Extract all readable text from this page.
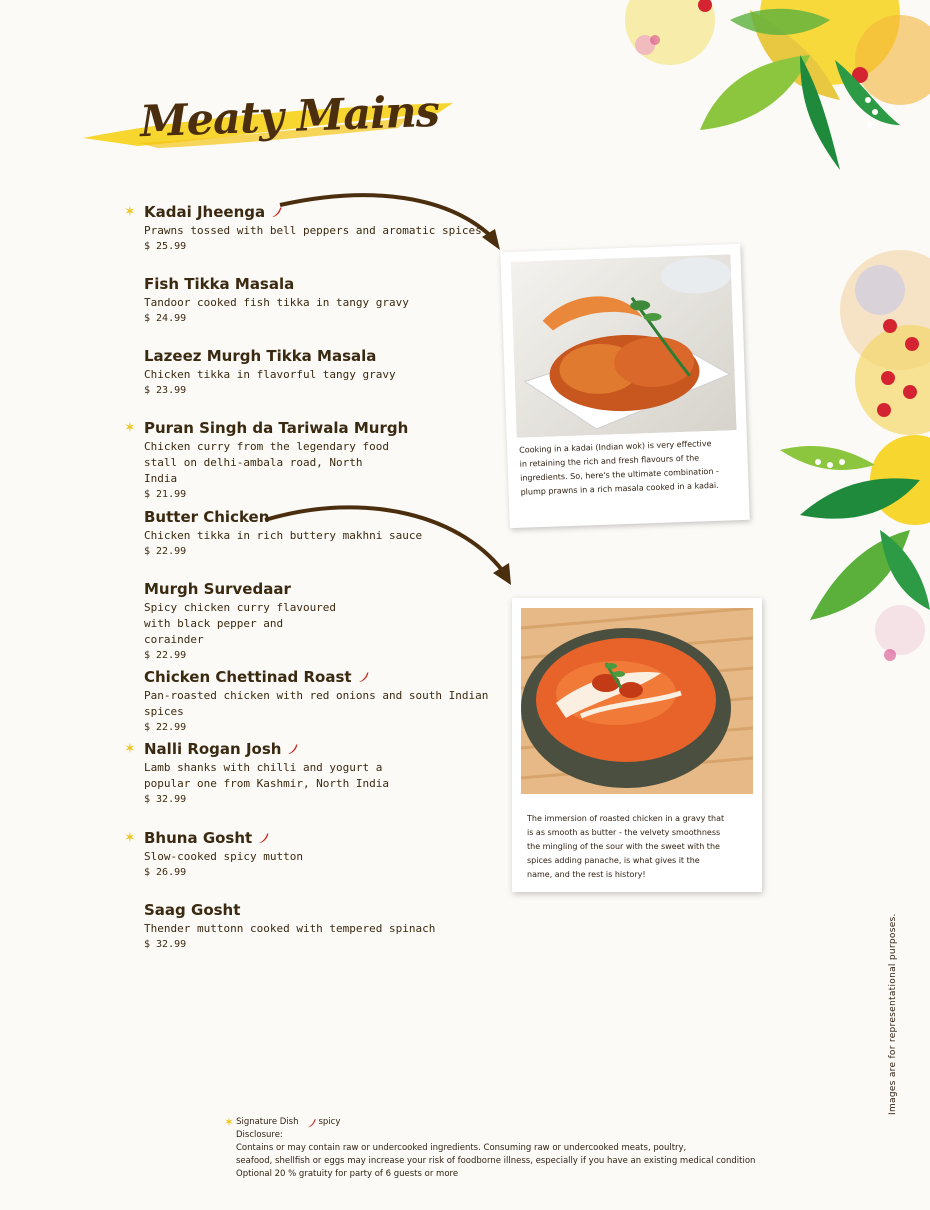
Meaty Mains
✶ Kadai Jheenga
Prawns tossed with bell peppers and aromatic spices
$ 25.99
Fish Tikka Masala
Tandoor cooked fish tikka in tangy gravy
$ 24.99
Lazeez Murgh Tikka Masala
Chicken tikka in flavorful tangy gravy
$ 23.99
✶ Puran Singh da Tariwala Murgh
Chicken curry from the legendary food stall on delhi-ambala road, North India
$ 21.99
Butter Chicken
Chicken tikka in rich buttery makhni sauce
$ 22.99
Murgh Survedaar
Spicy chicken curry flavoured with black pepper and corainder
$ 22.99
Chicken Chettinad Roast
Pan-roasted chicken with red onions and south Indian spices
$ 22.99
✶ Nalli Rogan Josh
Lamb shanks with chilli and yogurt a popular one from Kashmir, North India
$ 32.99
✶ Bhuna Gosht
Slow-cooked spicy mutton
$ 26.99
Saag Gosht
Thender muttonn cooked with tempered spinach
$ 32.99
Cooking in a kadai (Indian wok) is very effective in retaining the rich and fresh flavours of the ingredients. So, here's the ultimate combination - plump prawns in a rich masala cooked in a kadai.
The immersion of roasted chicken in a gravy that is as smooth as butter - the velvety smoothness the mingling of the sour with the sweet with the spices adding panache, is what gives it the name, and the rest is history!
✶ Signature Dish spicy
Disclosure:
Contains or may contain raw or undercooked ingredients. Consuming raw or undercooked meats, poultry,
seafood, shellfish or eggs may increase your risk of foodborne illness, especially if you have an existing medical condition
Optional 20 % gratuity for party of 6 guests or more
Images are for representational purposes.
